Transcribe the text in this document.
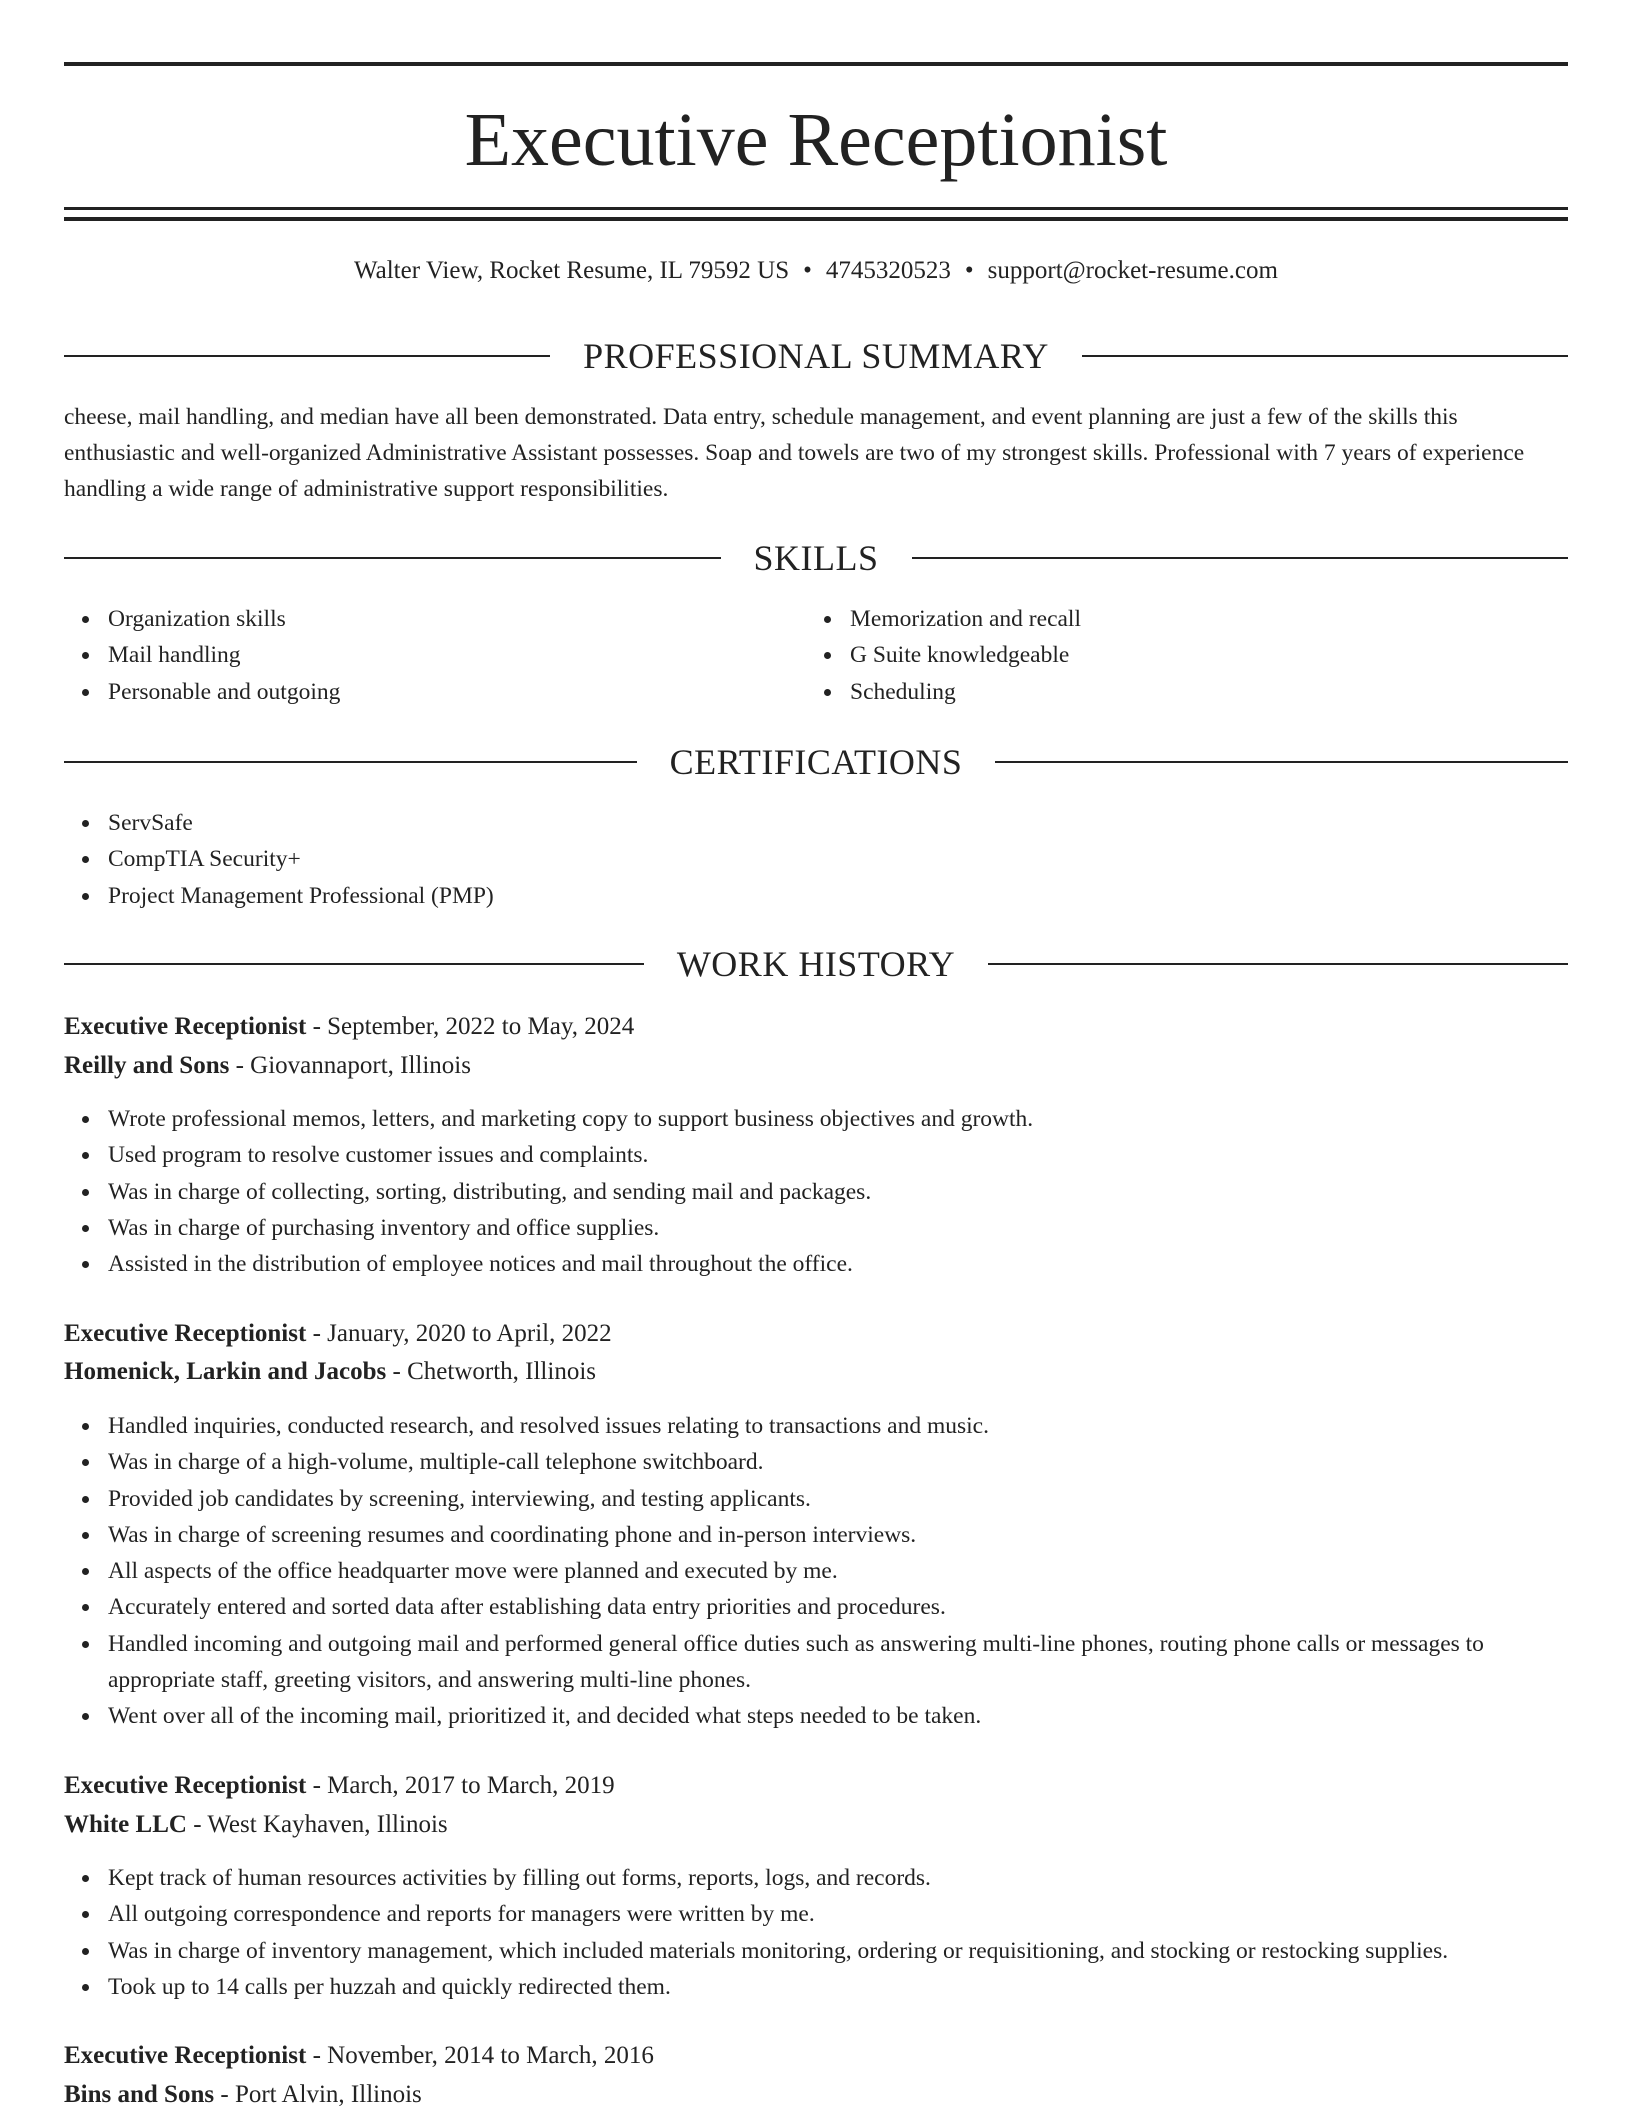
Executive Receptionist
Walter View, Rocket Resume, IL 79592 US • 4745320523 • support@rocket-resume.com
PROFESSIONAL SUMMARY
cheese, mail handling, and median have all been demonstrated. Data entry, schedule management, and event planning are just a few of the skills this enthusiastic and well-organized Administrative Assistant possesses. Soap and towels are two of my strongest skills. Professional with 7 years of experience handling a wide range of administrative support responsibilities.
SKILLS
Organization skills
Mail handling
Personable and outgoing
Memorization and recall
G Suite knowledgeable
Scheduling
CERTIFICATIONS
ServSafe
CompTIA Security+
Project Management Professional (PMP)
WORK HISTORY
Executive Receptionist - September, 2022 to May, 2024
Reilly and Sons - Giovannaport, Illinois
Wrote professional memos, letters, and marketing copy to support business objectives and growth.
Used program to resolve customer issues and complaints.
Was in charge of collecting, sorting, distributing, and sending mail and packages.
Was in charge of purchasing inventory and office supplies.
Assisted in the distribution of employee notices and mail throughout the office.
Executive Receptionist - January, 2020 to April, 2022
Homenick, Larkin and Jacobs - Chetworth, Illinois
Handled inquiries, conducted research, and resolved issues relating to transactions and music.
Was in charge of a high-volume, multiple-call telephone switchboard.
Provided job candidates by screening, interviewing, and testing applicants.
Was in charge of screening resumes and coordinating phone and in-person interviews.
All aspects of the office headquarter move were planned and executed by me.
Accurately entered and sorted data after establishing data entry priorities and procedures.
Handled incoming and outgoing mail and performed general office duties such as answering multi-line phones, routing phone calls or messages to appropriate staff, greeting visitors, and answering multi-line phones.
Went over all of the incoming mail, prioritized it, and decided what steps needed to be taken.
Executive Receptionist - March, 2017 to March, 2019
White LLC - West Kayhaven, Illinois
Kept track of human resources activities by filling out forms, reports, logs, and records.
All outgoing correspondence and reports for managers were written by me.
Was in charge of inventory management, which included materials monitoring, ordering or requisitioning, and stocking or restocking supplies.
Took up to 14 calls per huzzah and quickly redirected them.
Executive Receptionist - November, 2014 to March, 2016
Bins and Sons - Port Alvin, Illinois
